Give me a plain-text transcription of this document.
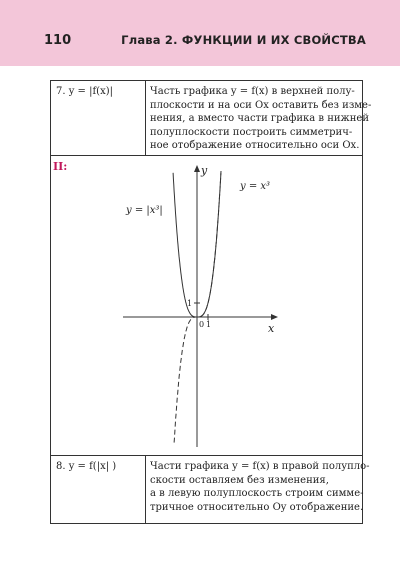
110	Глава 2. ФУНКЦИИ И ИХ СВОЙСТВА
7. y = |f(x)|	Часть графика y = f(x) в верхней полу-
плоскости и на оси Ox оставить без изме-
нения, а вместо части графика в нижней
полуплоскости построить симметрич-
ное отображение относительно оси Ox.
II:	y
x
0 1
1
y = |x³|
y = x³
8. y = f(|x| )	Части графика y = f(x) в правой полупло-
скости оставляем без изменения,
а в левую полуплоскость строим симме-
тричное относительно Oy отображение.
